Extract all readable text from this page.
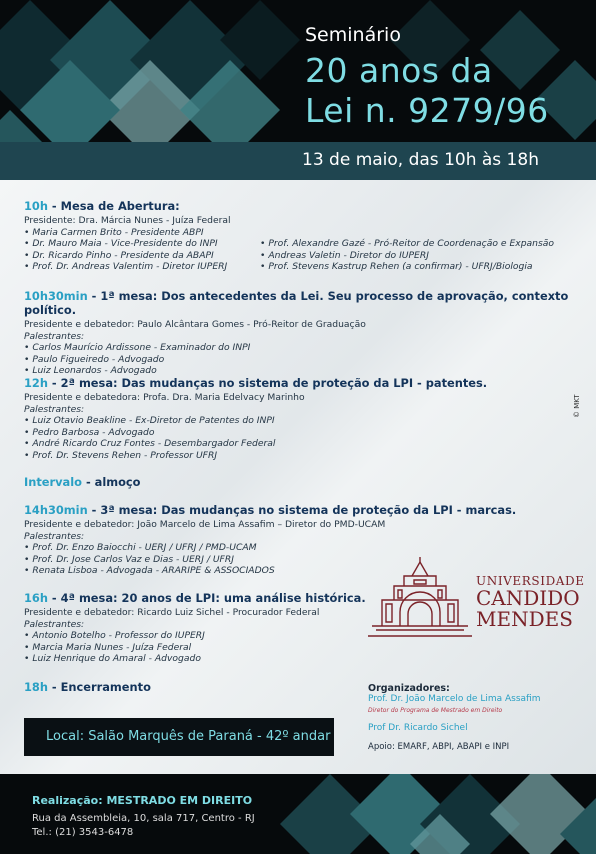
Seminário
20 anos da
Lei n. 9279/96
13 de maio, das 10h às 18h
10h - Mesa de Abertura:
Presidente: Dra. Márcia Nunes - Juíza Federal
• Maria Carmen Brito - Presidente ABPI
• Dr. Mauro Maia - Vice-Presidente do INPI
• Dr. Ricardo Pinho - Presidente da ABAPI
• Prof. Dr. Andreas Valentim - Diretor IUPERJ
• Prof. Alexandre Gazé - Pró-Reitor de Coordenação e Expansão
• Andreas Valetin - Diretor do IUPERJ
• Prof. Stevens Kastrup Rehen (a confirmar) - UFRJ/Biologia
10h30min - 1ª mesa: Dos antecedentes da Lei. Seu processo de aprovação, contexto político.
Presidente e debatedor: Paulo Alcântara Gomes - Pró-Reitor de Graduação
Palestrantes:
• Carlos Maurício Ardissone - Examinador do INPI
• Paulo Figueiredo - Advogado
• Luiz Leonardos - Advogado
12h - 2ª mesa: Das mudanças no sistema de proteção da LPI - patentes.
Presidente e debatedora: Profa. Dra. Maria Edelvacy Marinho
Palestrantes:
• Luiz Otavio Beakline - Ex-Diretor de Patentes do INPI
• Pedro Barbosa - Advogado
• André Ricardo Cruz Fontes - Desembargador Federal
• Prof. Dr. Stevens Rehen - Professor UFRJ
Intervalo - almoço
14h30min - 3ª mesa: Das mudanças no sistema de proteção da LPI - marcas.
Presidente e debatedor: João Marcelo de Lima Assafim – Diretor do PMD-UCAM
Palestrantes:
• Prof. Dr. Enzo Baiocchi - UERJ / UFRJ / PMD-UCAM
• Prof. Dr. Jose Carlos Vaz e Dias - UERJ / UFRJ
• Renata Lisboa - Advogada - ARARIPE & ASSOCIADOS
16h - 4ª mesa: 20 anos de LPI: uma análise histórica.
Presidente e debatedor: Ricardo Luiz Sichel - Procurador Federal
Palestrantes:
• Antonio Botelho - Professor do IUPERJ
• Marcia Maria Nunes - Juíza Federal
• Luiz Henrique do Amaral - Advogado
18h - Encerramento
© MKT
UNIVERSIDADE
CANDIDO
MENDES
Organizadores:
Prof. Dr. João Marcelo de Lima Assafim
Diretor do Programa de Mestrado em Direito
Prof Dr. Ricardo Sichel
Apoio: EMARF, ABPI, ABAPI e INPI
Local: Salão Marquês de Paraná - 42º andar
Realização: MESTRADO EM DIREITO
Rua da Assembleia, 10, sala 717, Centro - RJ
Tel.: (21) 3543-6478
